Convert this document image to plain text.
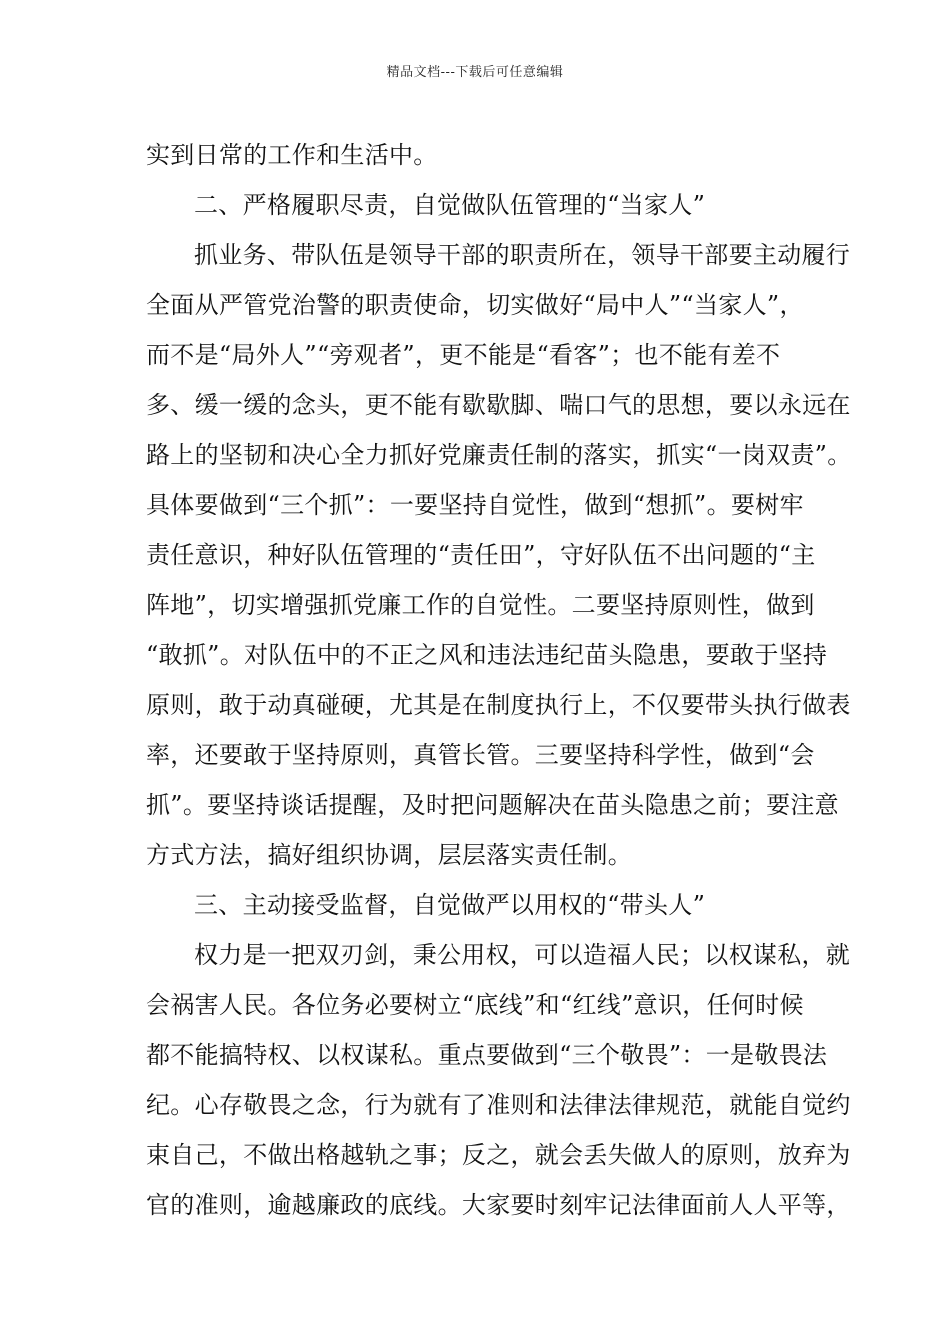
精品文档---下载后可任意编辑
实到日常的工作和生活中。
二、严格履职尽责，自觉做队伍管理的“当家人”
抓业务、带队伍是领导干部的职责所在，领导干部要主动履行
全面从严管党治警的职责使命，切实做好“局中人”“当家人”，
而不是“局外人”“旁观者”，更不能是“看客”；也不能有差不
多、缓一缓的念头，更不能有歇歇脚、喘口气的思想，要以永远在
路上的坚韧和决心全力抓好党廉责任制的落实，抓实“一岗双责”。
具体要做到“三个抓”：一要坚持自觉性，做到“想抓”。要树牢
责任意识，种好队伍管理的“责任田”，守好队伍不出问题的“主
阵地”，切实增强抓党廉工作的自觉性。二要坚持原则性，做到
“敢抓”。对队伍中的不正之风和违法违纪苗头隐患，要敢于坚持
原则，敢于动真碰硬，尤其是在制度执行上，不仅要带头执行做表
率，还要敢于坚持原则，真管长管。三要坚持科学性，做到“会
抓”。要坚持谈话提醒，及时把问题解决在苗头隐患之前；要注意
方式方法，搞好组织协调，层层落实责任制。
三、主动接受监督，自觉做严以用权的“带头人”
权力是一把双刃剑，秉公用权，可以造福人民；以权谋私，就
会祸害人民。各位务必要树立“底线”和“红线”意识，任何时候
都不能搞特权、以权谋私。重点要做到“三个敬畏”：一是敬畏法
纪。心存敬畏之念，行为就有了准则和法律法律规范，就能自觉约
束自己，不做出格越轨之事；反之，就会丢失做人的原则，放弃为
官的准则，逾越廉政的底线。大家要时刻牢记法律面前人人平等，
